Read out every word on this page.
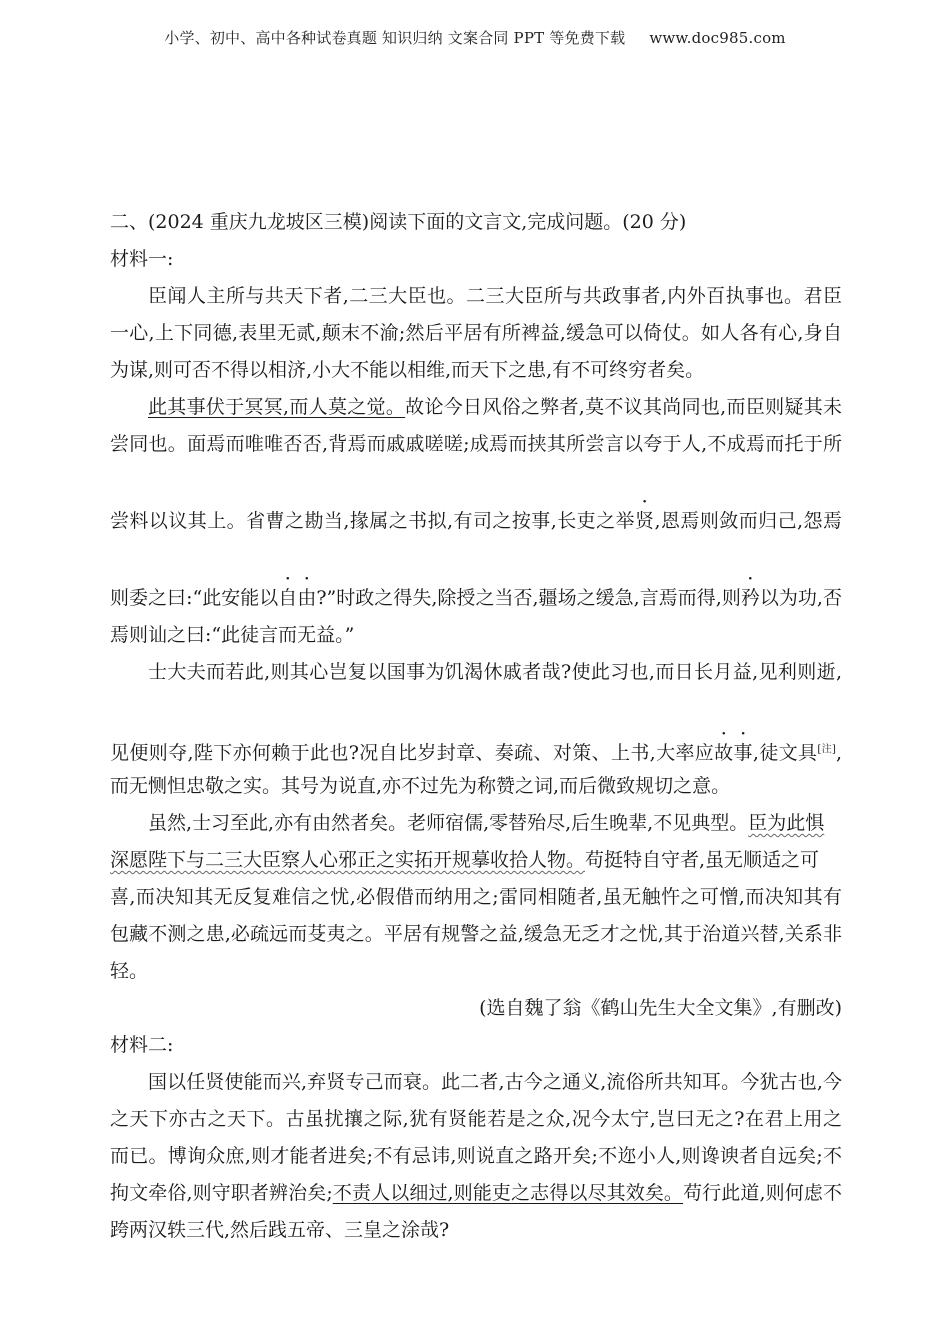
小学、初中、高中各种试卷真题 知识归纳 文案合同 PPT 等免费下载 www.doc985.com
二、(2024 重庆九龙坡区三模)阅读下面的文言文,完成问题。(20 分)
材料一:
臣闻人主所与共天下者,二三大臣也。二三大臣所与共政事者,内外百执事也。君臣
一心,上下同德,表里无贰,颠末不渝;然后平居有所裨益,缓急可以倚仗。如人各有心,身自
为谋,则可否不得以相济,小大不能以相维,而天下之患,有不可终穷者矣。
此其事伏于冥冥,而人莫之觉。故论今日风俗之弊者,莫不议其尚同也,而臣则疑其未
尝同也。面焉而唯唯否否,背焉而戚戚嗟嗟;成焉而挟其所尝言以夸于人,不成焉而托于所
尝料以议其上。省曹之勘当,掾属之书拟,有司之按事,长吏之举贤,恩焉则敛而归己,怨焉
则委之曰:“此安能以自由?”时政之得失,除授之当否,疆场之缓急,言焉而得,则矜以为功,否
焉则讪之曰:“此徒言而无益。”
士大夫而若此,则其心岂复以国事为饥渴休戚者哉?使此习也,而日长月益,见利则逝,
见便则夺,陛下亦何赖于此也?况自比岁封章、奏疏、对策、上书,大率应故事,徒文具[注],
而无恻怛忠敬之实。其号为说直,亦不过先为称赞之词,而后微致规切之意。
虽然,士习至此,亦有由然者矣。老师宿儒,零替殆尽,后生晚辈,不见典型。臣为此惧
深愿陛下与二三大臣察人心邪正之实拓开规摹收拾人物。苟挺特自守者,虽无顺适之可
喜,而决知其无反复难信之忧,必假借而纳用之;雷同相随者,虽无触忤之可憎,而决知其有
包藏不测之患,必疏远而芟夷之。平居有规警之益,缓急无乏才之忧,其于治道兴替,关系非
轻。
(选自魏了翁《鹤山先生大全文集》,有删改)
材料二:
国以任贤使能而兴,弃贤专己而衰。此二者,古今之通义,流俗所共知耳。今犹古也,今
之天下亦古之天下。古虽扰攘之际,犹有贤能若是之众,况今太宁,岂曰无之?在君上用之
而已。博询众庶,则才能者进矣;不有忌讳,则说直之路开矣;不迩小人,则谗谀者自远矣;不
拘文牵俗,则守职者辨治矣;不责人以细过,则能吏之志得以尽其效矣。苟行此道,则何虑不
跨两汉轶三代,然后践五帝、三皇之涂哉?
